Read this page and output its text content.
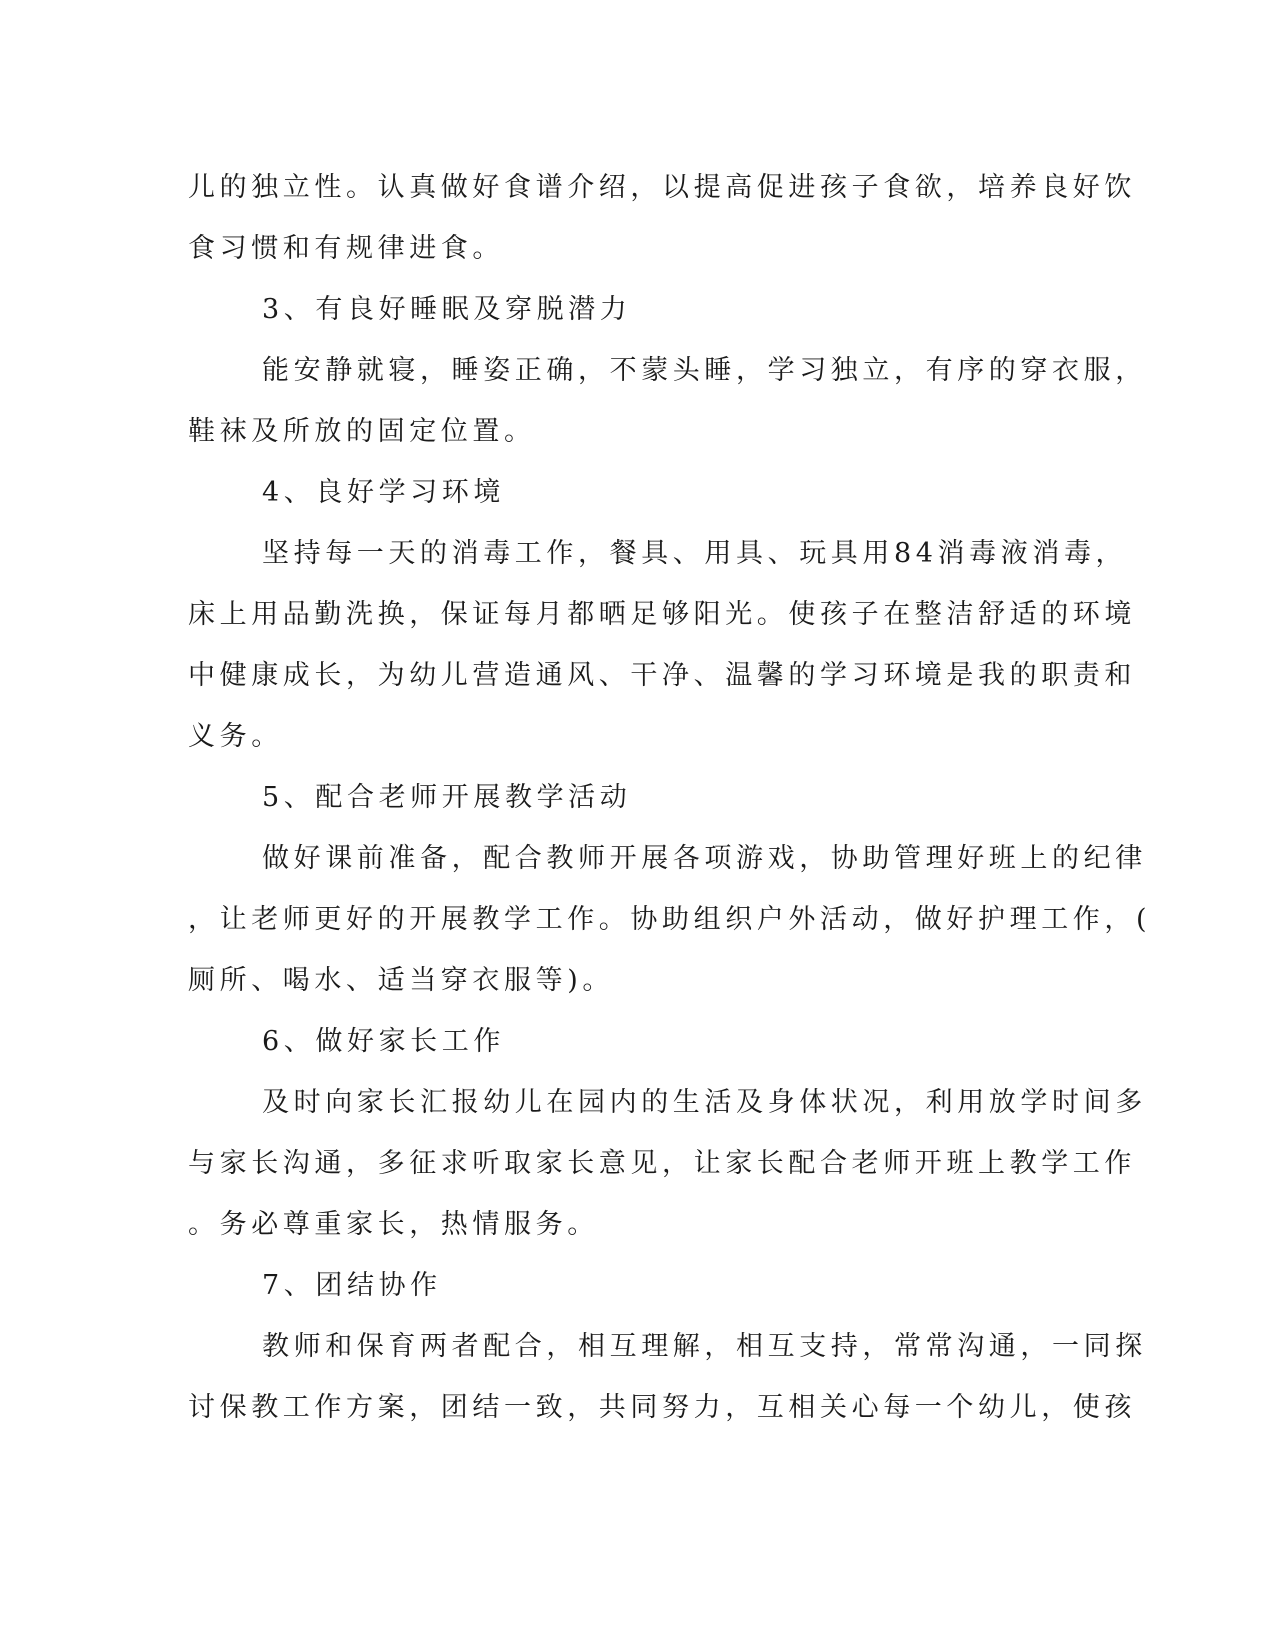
儿的独立性。认真做好食谱介绍，以提高促进孩子食欲，培养良好饮
食习惯和有规律进食。
3、有良好睡眠及穿脱潜力
能安静就寝，睡姿正确，不蒙头睡，学习独立，有序的穿衣服，
鞋袜及所放的固定位置。
4、良好学习环境
坚持每一天的消毒工作，餐具、用具、玩具用84消毒液消毒，
床上用品勤洗换，保证每月都晒足够阳光。使孩子在整洁舒适的环境
中健康成长，为幼儿营造通风、干净、温馨的学习环境是我的职责和
义务。
5、配合老师开展教学活动
做好课前准备，配合教师开展各项游戏，协助管理好班上的纪律
，让老师更好的开展教学工作。协助组织户外活动，做好护理工作，(
厕所、喝水、适当穿衣服等)。
6、做好家长工作
及时向家长汇报幼儿在园内的生活及身体状况，利用放学时间多
与家长沟通，多征求听取家长意见，让家长配合老师开班上教学工作
。务必尊重家长，热情服务。
7、团结协作
教师和保育两者配合，相互理解，相互支持，常常沟通，一同探
讨保教工作方案，团结一致，共同努力，互相关心每一个幼儿，使孩
